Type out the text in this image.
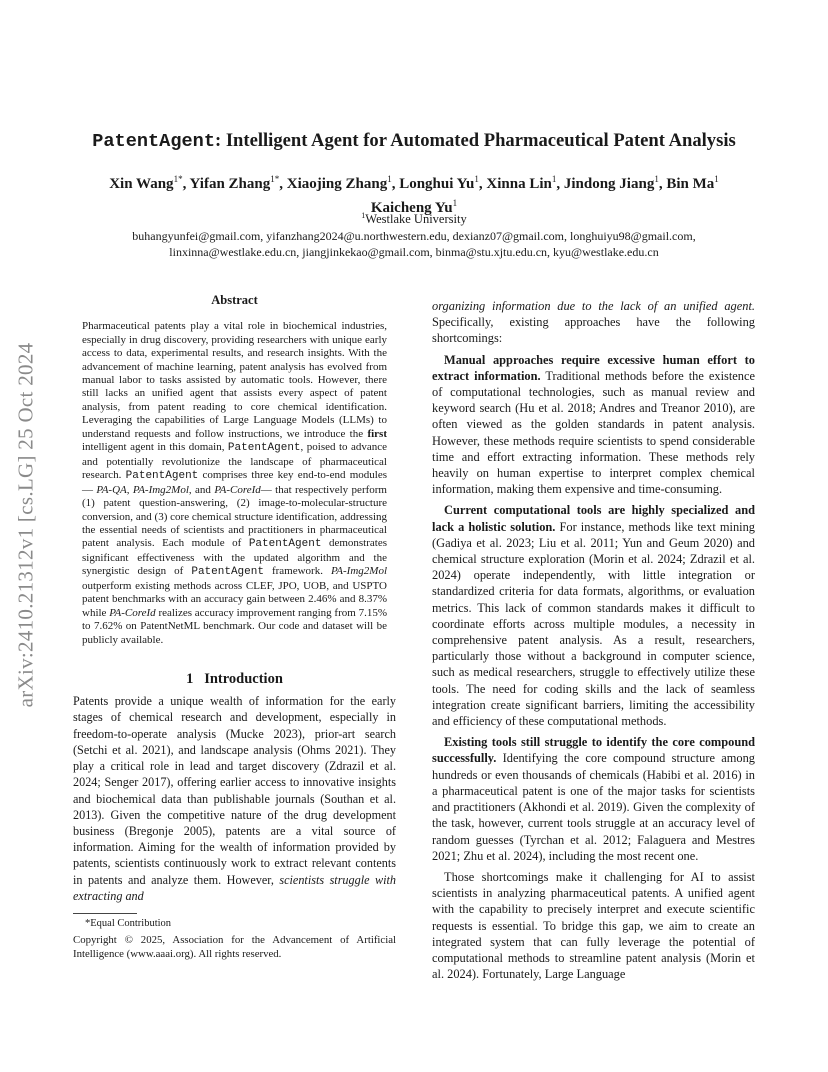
arXiv:2410.21312v1 [cs.LG] 25 Oct 2024
PatentAgent: Intelligent Agent for Automated Pharmaceutical Patent Analysis
Xin Wang$^{1*}$, Yifan Zhang$^{1*}$, Xiaojing Zhang$^1$, Longhui Yu$^1$, Xinna Lin$^1$, Jindong Jiang$^1$, Bin Ma$^1$
Kaicheng Yu$^1$
$^1$Westlake University
buhangyunfei@gmail.com, yifanzhang2024@u.northwestern.edu, dexianz07@gmail.com, longhuiyu98@gmail.com,
linxinna@westlake.edu.cn, jiangjinkekao@gmail.com, binma@stu.xjtu.edu.cn, kyu@westlake.edu.cn
Abstract
Pharmaceutical patents play a vital role in biochemical industries, especially in drug discovery, providing researchers with unique early access to data, experimental results, and research insights. With the advancement of machine learning, patent analysis has evolved from manual labor to tasks assisted by automatic tools. However, there still lacks an unified agent that assists every aspect of patent analysis, from patent reading to core chemical identification. Leveraging the capabilities of Large Language Models (LLMs) to understand requests and follow instructions, we introduce the first intelligent agent in this domain, PatentAgent, poised to advance and potentially revolutionize the landscape of pharmaceutical research. PatentAgent comprises three key end-to-end modules — PA-QA, PA-Img2Mol, and PA-CoreId— that respectively perform (1) patent question-answering, (2) image-to-molecular-structure conversion, and (3) core chemical structure identification, addressing the essential needs of scientists and practitioners in pharmaceutical patent analysis. Each module of PatentAgent demonstrates significant effectiveness with the updated algorithm and the synergistic design of PatentAgent framework. PA-Img2Mol outperform existing methods across CLEF, JPO, UOB, and USPTO patent benchmarks with an accuracy gain between 2.46% and 8.37% while PA-CoreId realizes accuracy improvement ranging from 7.15% to 7.62% on PatentNetML benchmark. Our code and dataset will be publicly available.
1 Introduction
Patents provide a unique wealth of information for the early stages of chemical research and development, especially in freedom-to-operate analysis (Mucke 2023), prior-art search (Setchi et al. 2021), and landscape analysis (Ohms 2021). They play a critical role in lead and target discovery (Zdrazil et al. 2024; Senger 2017), offering earlier access to innovative insights and biochemical data than publishable journals (Southan et al. 2013). Given the competitive nature of the drug development business (Bregonje 2005), patents are a vital source of information. Aiming for the wealth of information provided by patents, scientists continuously work to extract relevant contents in patents and analyze them. However, scientists struggle with extracting and
*Equal Contribution
Copyright © 2025, Association for the Advancement of Artificial Intelligence (www.aaai.org). All rights reserved.

organizing information due to the lack of an unified agent. Specifically, existing approaches have the following shortcomings:

Manual approaches require excessive human effort to extract information. Traditional methods before the existence of computational technologies, such as manual review and keyword search (Hu et al. 2018; Andres and Treanor 2010), are often viewed as the golden standards in patent analysis. However, these methods require scientists to spend considerable time and effort extracting information. These methods rely heavily on human expertise to interpret complex chemical information, making them expensive and time-consuming.

Current computational tools are highly specialized and lack a holistic solution. For instance, methods like text mining (Gadiya et al. 2023; Liu et al. 2011; Yun and Geum 2020) and chemical structure exploration (Morin et al. 2024; Zdrazil et al. 2024) operate independently, with little integration or standardized criteria for data formats, algorithms, or evaluation metrics. This lack of common standards makes it difficult to coordinate efforts across multiple modules, a necessity in comprehensive patent analysis. As a result, researchers, particularly those without a background in computer science, such as medical researchers, struggle to effectively utilize these tools. The need for coding skills and the lack of seamless integration create significant barriers, limiting the accessibility and efficiency of these computational methods.

Existing tools still struggle to identify the core compound successfully. Identifying the core compound structure among hundreds or even thousands of chemicals (Habibi et al. 2016) in a pharmaceutical patent is one of the major tasks for scientists and practitioners (Akhondi et al. 2019). Given the complexity of the task, however, current tools struggle at an accuracy level of random guesses (Tyrchan et al. 2012; Falaguera and Mestres 2021; Zhu et al. 2024), including the most recent one.

Those shortcomings make it challenging for AI to assist scientists in analyzing pharmaceutical patents. A unified agent with the capability to precisely interpret and execute scientific requests is essential. To bridge this gap, we aim to create an integrated system that can fully leverage the potential of computational methods to streamline patent analysis (Morin et al. 2024). Fortunately, Large Language
